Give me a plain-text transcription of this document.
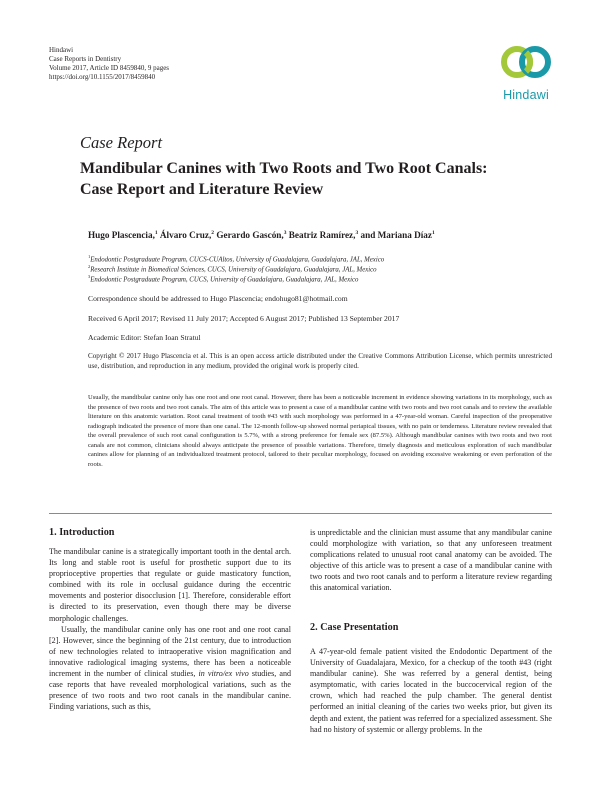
Hindawi
Case Reports in Dentistry
Volume 2017, Article ID 8459840, 9 pages
https://doi.org/10.1155/2017/8459840
Hindawi
Case Report
Mandibular Canines with Two Roots and Two Root Canals:
Case Report and Literature Review
Hugo Plascencia,$^1$ Álvaro Cruz,$^2$ Gerardo Gascón,$^3$ Beatriz Ramírez,$^3$ and Mariana Díaz$^1$
$^1$Endodontic Postgraduate Program, CUCS-CUAltos, University of Guadalajara, Guadalajara, JAL, Mexico
$^2$Research Institute in Biomedical Sciences, CUCS, University of Guadalajara, Guadalajara, JAL, Mexico
$^3$Endodontic Postgraduate Program, CUCS, University of Guadalajara, Guadalajara, JAL, Mexico
Correspondence should be addressed to Hugo Plascencia; endohugo81@hotmail.com
Received 6 April 2017; Revised 11 July 2017; Accepted 6 August 2017; Published 13 September 2017
Academic Editor: Stefan Ioan Stratul
Copyright © 2017 Hugo Plascencia et al. This is an open access article distributed under the Creative Commons Attribution License, which permits unrestricted use, distribution, and reproduction in any medium, provided the original work is properly cited.
Usually, the mandibular canine only has one root and one root canal. However, there has been a noticeable increment in evidence showing variations in its morphology, such as the presence of two roots and two root canals. The aim of this article was to present a case of a mandibular canine with two roots and two root canals and to review the available literature on this anatomic variation. Root canal treatment of tooth #43 with such morphology was performed in a 47-year-old woman. Careful inspection of the preoperative radiograph indicated the presence of more than one canal. The 12-month follow-up showed normal periapical tissues, with no pain or tenderness. Literature review revealed that the overall prevalence of such root canal configuration is 5.7%, with a strong preference for female sex (87.5%). Although mandibular canines with two roots and two root canals are not common, clinicians should always anticipate the presence of possible variations. Therefore, timely diagnosis and meticulous exploration of such mandibular canines allow for planning of an individualized treatment protocol, tailored to their peculiar morphology, focused on avoiding excessive weakening or even perforation of the roots.
1. Introduction

The mandibular canine is a strategically important tooth in the dental arch. Its long and stable root is useful for prosthetic support due to its proprioceptive properties that regulate or guide masticatory function, combined with its role in occlusal guidance during the eccentric movements and posterior disocclusion [1]. Therefore, considerable effort is directed to its preservation, even though there may be diverse morphologic challenges.

Usually, the mandibular canine only has one root and one root canal [2]. However, since the beginning of the 21st century, due to introduction of new technologies related to intraoperative vision magnification and innovative radiological imaging systems, there has been a noticeable increment in the number of clinical studies, in vitro/ex vivo studies, and case reports that have revealed morphological variations, such as the presence of two roots and two root canals in the mandibular canine. Finding variations, such as this,

is unpredictable and the clinician must assume that any mandibular canine could morphologize with variation, so that any unforeseen treatment complications related to unusual root canal anatomy can be avoided. The objective of this article was to present a case of a mandibular canine with two roots and two root canals and to perform a literature review regarding this anatomical variation.
2. Case Presentation
A 47-year-old female patient visited the Endodontic Department of the University of Guadalajara, Mexico, for a checkup of the tooth #43 (right mandibular canine). She was referred by a general dentist, being asymptomatic, with caries located in the buccocervical region of the crown, which had reached the pulp chamber. The general dentist performed an initial cleaning of the caries two weeks prior, but given its depth and extent, the patient was referred for a specialized assessment. She had no history of systemic or allergy problems. In the
